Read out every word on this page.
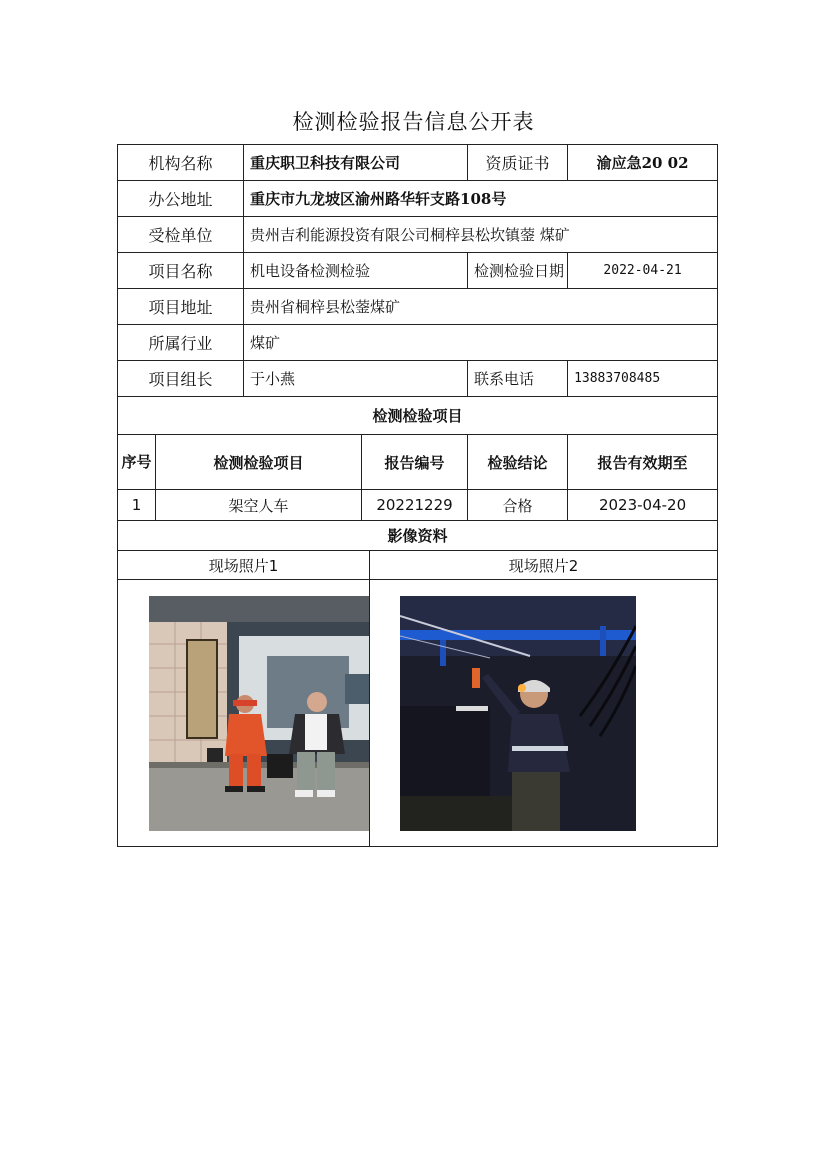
检测检验报告信息公开表
机构名称		重庆职卫科技有限公司			资质证书	渝应急20 02
办公地址		重庆市九龙坡区渝州路华轩支路108号				
受检单位		贵州吉利能源投资有限公司桐梓县松坎镇蓥 煤矿				
项目名称		机电设备检测检验			检测检验日期	2022-04-21
项目地址		贵州省桐梓县松蓥煤矿				
所属行业		煤矿				
项目组长		于小燕			联系电话	13883708485
检测检验项目						
序号	检测检验项目		报告编号		检验结论	报告有效期至
1	架空人车		20221229		合格	2023-04-20
影像资料						
现场照片1				现场照片2		
